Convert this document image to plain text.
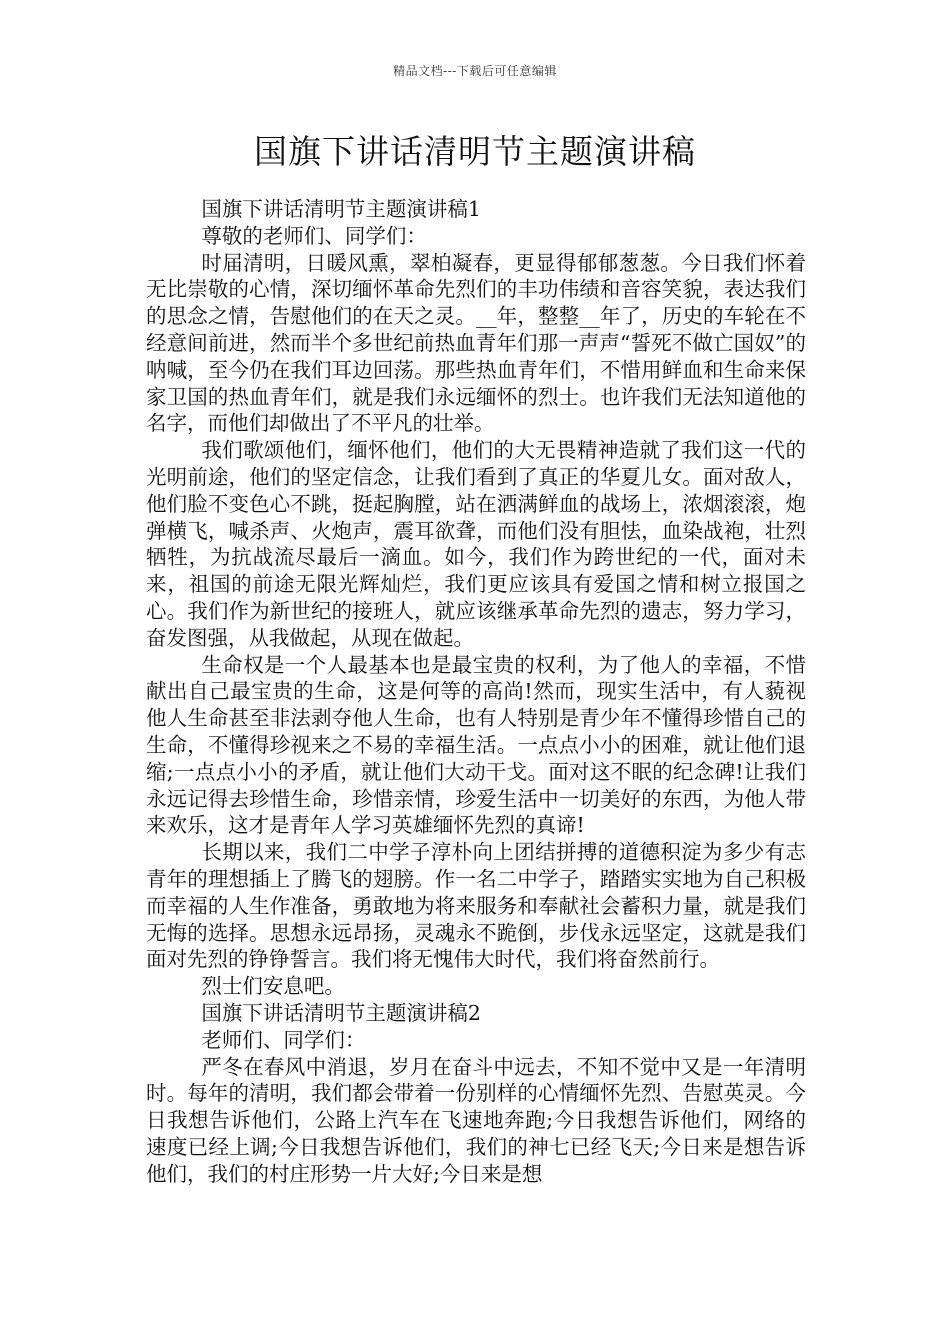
精品文档---下载后可任意编辑
国旗下讲话清明节主题演讲稿

国旗下讲话清明节主题演讲稿1

尊敬的老师们、同学们：

时届清明，日暖风熏，翠柏凝春，更显得郁郁葱葱。今日我们怀着无比崇敬的心情，深切缅怀革命先烈们的丰功伟绩和音容笑貌，表达我们的思念之情，告慰他们的在天之灵。__年，整整__年了，历史的车轮在不经意间前进，然而半个多世纪前热血青年们那一声声“誓死不做亡国奴”的呐喊，至今仍在我们耳边回荡。那些热血青年们，不惜用鲜血和生命来保家卫国的热血青年们，就是我们永远缅怀的烈士。也许我们无法知道他的名字，而他们却做出了不平凡的壮举。

我们歌颂他们，缅怀他们，他们的大无畏精神造就了我们这一代的光明前途，他们的坚定信念，让我们看到了真正的华夏儿女。面对敌人，他们脸不变色心不跳，挺起胸膛，站在洒满鲜血的战场上，浓烟滚滚，炮弹横飞，喊杀声、火炮声，震耳欲聋，而他们没有胆怯，血染战袍，壮烈牺牲，为抗战流尽最后一滴血。如今，我们作为跨世纪的一代，面对未来，祖国的前途无限光辉灿烂，我们更应该具有爱国之情和树立报国之心。我们作为新世纪的接班人，就应该继承革命先烈的遗志，努力学习，奋发图强，从我做起，从现在做起。

生命权是一个人最基本也是最宝贵的权利，为了他人的幸福，不惜献出自己最宝贵的生命，这是何等的高尚!然而，现实生活中，有人藐视他人生命甚至非法剥夺他人生命，也有人特别是青少年不懂得珍惜自己的生命，不懂得珍视来之不易的幸福生活。一点点小小的困难，就让他们退缩;一点点小小的矛盾，就让他们大动干戈。面对这不眠的纪念碑!让我们永远记得去珍惜生命，珍惜亲情，珍爱生活中一切美好的东西，为他人带来欢乐，这才是青年人学习英雄缅怀先烈的真谛!

长期以来，我们二中学子淳朴向上团结拼搏的道德积淀为多少有志青年的理想插上了腾飞的翅膀。作一名二中学子，踏踏实实地为自己积极而幸福的人生作准备，勇敢地为将来服务和奉献社会蓄积力量，就是我们无悔的选择。思想永远昂扬，灵魂永不跪倒，步伐永远坚定，这就是我们面对先烈的铮铮誓言。我们将无愧伟大时代，我们将奋然前行。

烈士们安息吧。

国旗下讲话清明节主题演讲稿2

老师们、同学们：

严冬在春风中消退，岁月在奋斗中远去，不知不觉中又是一年清明时。每年的清明，我们都会带着一份别样的心情缅怀先烈、告慰英灵。今日我想告诉他们，公路上汽车在飞速地奔跑;今日我想告诉他们，网络的速度已经上调;今日我想告诉他们，我们的神七已经飞天;今日来是想告诉他们，我们的村庄形势一片大好;今日来是想
